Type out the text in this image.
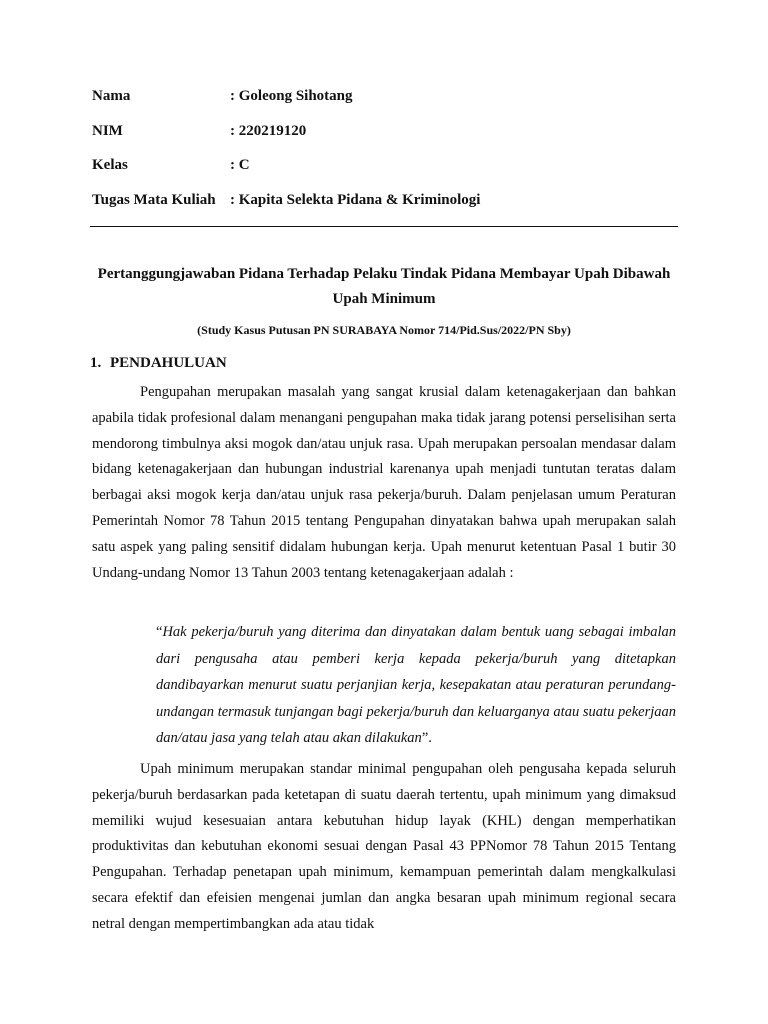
Nama	: Goleong Sihotang
NIM	: 220219120
Kelas	: C
Tugas Mata Kuliah : Kapita Selekta Pidana & Kriminologi
Pertanggungjawaban Pidana Terhadap Pelaku Tindak Pidana Membayar Upah Dibawah Upah Minimum
(Study Kasus Putusan PN SURABAYA Nomor 714/Pid.Sus/2022/PN Sby)
1. PENDAHULUAN

Pengupahan merupakan masalah yang sangat krusial dalam ketenagakerjaan dan bahkan apabila tidak profesional dalam menangani pengupahan maka tidak jarang potensi perselisihan serta mendorong timbulnya aksi mogok dan/atau unjuk rasa. Upah merupakan persoalan mendasar dalam bidang ketenagakerjaan dan hubungan industrial karenanya upah menjadi tuntutan teratas dalam berbagai aksi mogok kerja dan/atau unjuk rasa pekerja/buruh. Dalam penjelasan umum Peraturan Pemerintah Nomor 78 Tahun 2015 tentang Pengupahan dinyatakan bahwa upah merupakan salah satu aspek yang paling sensitif didalam hubungan kerja. Upah menurut ketentuan Pasal 1 butir 30 Undang-undang Nomor 13 Tahun 2003 tentang ketenagakerjaan adalah :

“Hak pekerja/buruh yang diterima dan dinyatakan dalam bentuk uang sebagai imbalan dari pengusaha atau pemberi kerja kepada pekerja/buruh yang ditetapkan dandibayarkan menurut suatu perjanjian kerja, kesepakatan atau peraturan perundang-undangan termasuk tunjangan bagi pekerja/buruh dan keluarganya atau suatu pekerjaan dan/atau jasa yang telah atau akan dilakukan”.

Upah minimum merupakan standar minimal pengupahan oleh pengusaha kepada seluruh pekerja/buruh berdasarkan pada ketetapan di suatu daerah tertentu, upah minimum yang dimaksud memiliki wujud kesesuaian antara kebutuhan hidup layak (KHL) dengan memperhatikan produktivitas dan kebutuhan ekonomi sesuai dengan Pasal 43 PPNomor 78 Tahun 2015 Tentang Pengupahan. Terhadap penetapan upah minimum, kemampuan pemerintah dalam mengkalkulasi secara efektif dan efeisien mengenai jumlan dan angka besaran upah minimum regional secara netral dengan mempertimbangkan ada atau tidak
